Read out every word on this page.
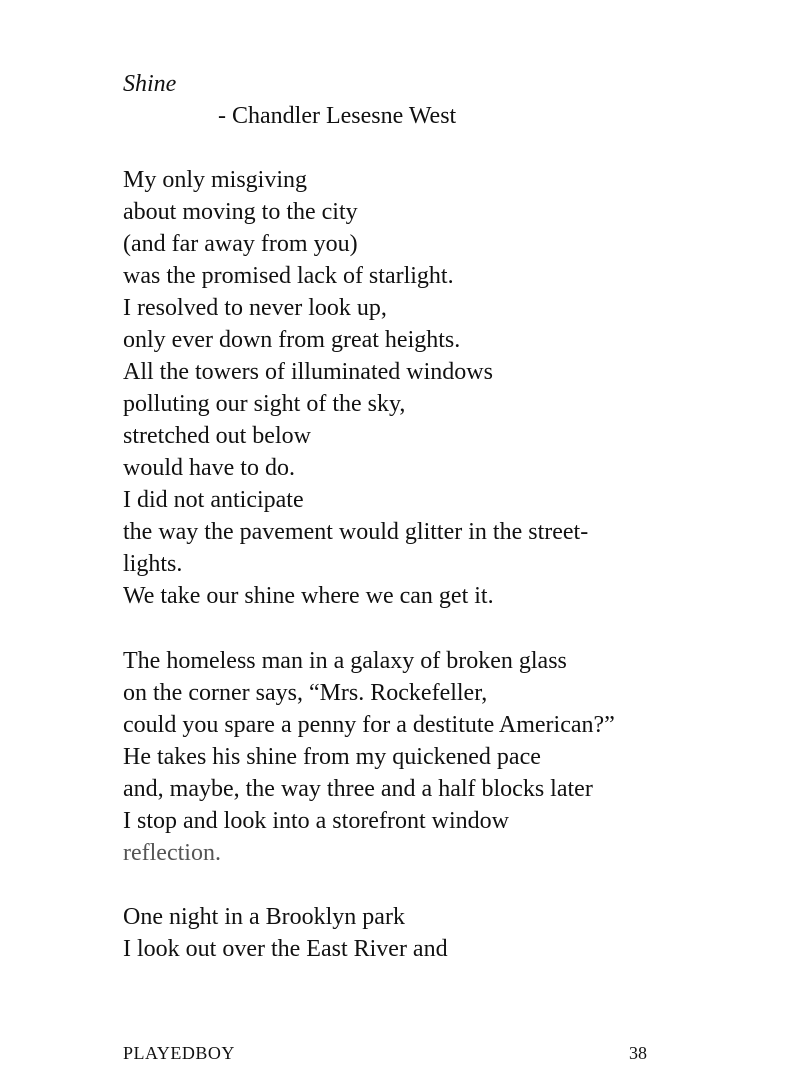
Shine

- Chandler Lesesne West

My only misgiving
about moving to the city
(and far away from you)
was the promised lack of starlight.
I resolved to never look up,
only ever down from great heights.
All the towers of illuminated windows
polluting our sight of the sky,
stretched out below
would have to do.
I did not anticipate
the way the pavement would glitter in the street-
lights.
We take our shine where we can get it.
The homeless man in a galaxy of broken glass
on the corner says, “Mrs. Rockefeller,
could you spare a penny for a destitute American?”
He takes his shine from my quickened pace
and, maybe, the way three and a half blocks later
I stop and look into a storefront window
reflection.
One night in a Brooklyn park
I look out over the East River and
PLAYEDBOY	38
